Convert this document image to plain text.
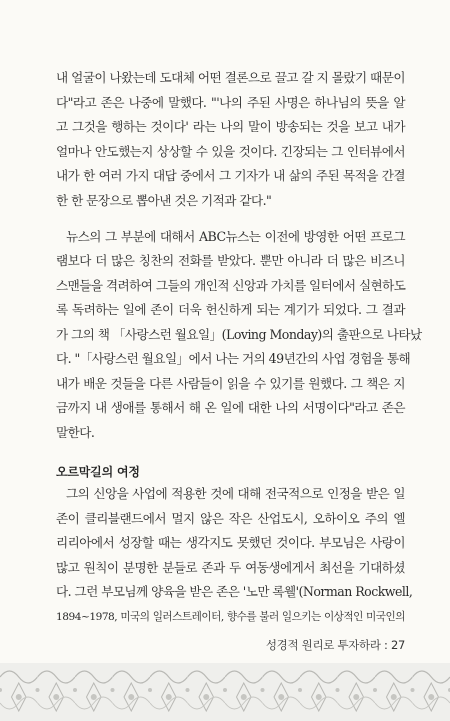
내 얼굴이 나왔는데 도대체 어떤 결론으로 끌고 갈 지 몰랐기 때문이
다"라고 존은 나중에 말했다. "'나의 주된 사명은 하나님의 뜻을 알
고 그것을 행하는 것이다' 라는 나의 말이 방송되는 것을 보고 내가
얼마나 안도했는지 상상할 수 있을 것이다. 긴장되는 그 인터뷰에서
내가 한 여러 가지 대답 중에서 그 기자가 내 삶의 주된 목적을 간결
한 한 문장으로 뽑아낸 것은 기적과 같다."
뉴스의 그 부분에 대해서 ABC뉴스는 이전에 방영한 어떤 프로그
램보다 더 많은 칭찬의 전화를 받았다. 뿐만 아니라 더 많은 비즈니
스맨들을 격려하여 그들의 개인적 신앙과 가치를 일터에서 실현하도
록 독려하는 일에 존이 더욱 헌신하게 되는 계기가 되었다. 그 결과
가 그의 책 「사랑스런 월요일」(Loving Monday)의 출판으로 나타났
다. "「사랑스런 월요일」에서 나는 거의 49년간의 사업 경험을 통해
내가 배운 것들을 다른 사람들이 읽을 수 있기를 원했다. 그 책은 지
금까지 내 생애를 통해서 해 온 일에 대한 나의 서명이다"라고 존은
말한다.
오르막길의 여정
그의 신앙을 사업에 적용한 것에 대해 전국적으로 인정을 받은 일
존이 클리블랜드에서 멀지 않은 작은 산업도시, 오하이오 주의 엘
리리아에서 성장할 때는 생각지도 못했던 것이다. 부모님은 사랑이
많고 원칙이 분명한 분들로 존과 두 여동생에게서 최선을 기대하셨
다. 그런 부모님께 양육을 받은 존은 '노만 록웰'(Norman Rockwell,
1894~1978, 미국의 일러스트레이터, 향수를 불러 일으키는 이상적인 미국인의
성경적 원리로 투자하라 : 27
